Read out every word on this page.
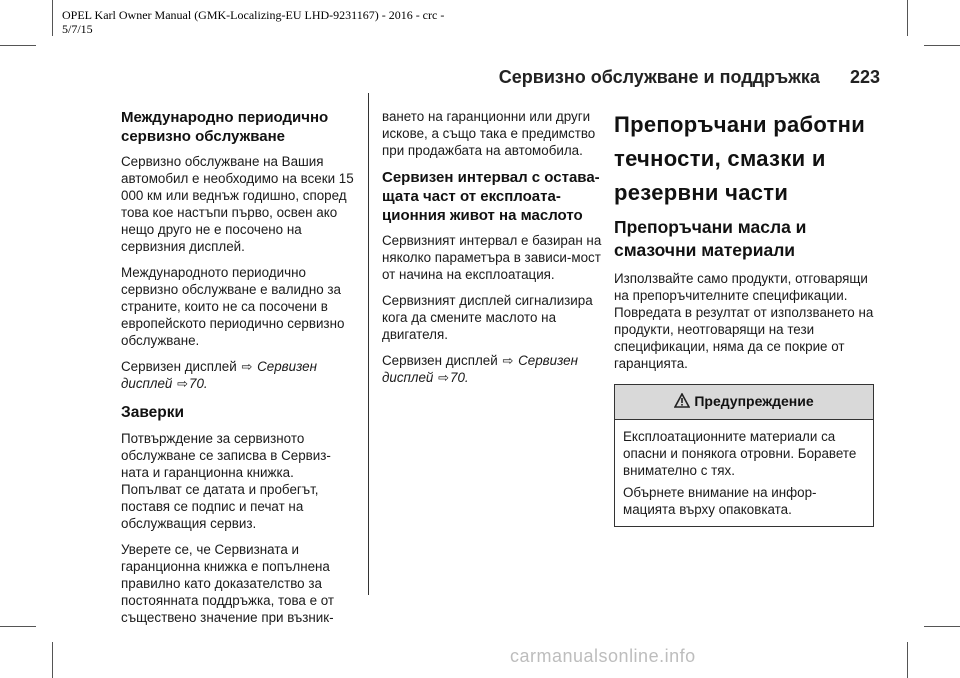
OPEL Karl Owner Manual (GMK-Localizing-EU LHD-9231167) - 2016 - crc -
5/7/15
Сервизно обслужване и поддръжка 223
Международно периодично сервизно обслужване
Сервизно обслужване на Вашия автомобил е необходимо на всеки 15 000 км или веднъж годишно, според това кое настъпи първо, освен ако нещо друго не е посочено на сервизния дисплей.
Международното периодично сервизно обслужване е валидно за страните, които не са посочени в европейското периодично сервизно обслужване.
Сервизен дисплей ⇨ Сервизен дисплей ⇨70.
Заверки
Потвърждение за сервизното обслужване се записва в Сервиз-ната и гаранционна книжка. Попълват се датата и пробегът, поставя се подпис и печат на обслужващия сервиз.
Уверете се, че Сервизната и гаранционна книжка е попълнена правилно като доказателство за постоянната поддръжка, това е от съществено значение при възник-
ването на гаранционни или други искове, а също така е предимство при продажбата на автомобила.
Сервизен интервал с остава-щата част от експлоата-ционния живот на маслото
Сервизният интервал е базиран на няколко параметъра в зависи-мост от начина на експлоатация.
Сервизният дисплей сигнализира кога да смените маслото на двигателя.
Сервизен дисплей ⇨ Сервизен дисплей ⇨70.
Препоръчани работни течности, смазки и резервни части
Препоръчани масла и смазочни материали
Използвайте само продукти, отговарящи на препоръчителните спецификации. Повредата в резултат от използването на продукти, неотговарящи на тези спецификации, няма да се покрие от гаранцията.
Предупреждение
Експлоатационните материали са опасни и понякога отровни. Боравете внимателно с тях.
Обърнете внимание на инфор-мацията върху опаковката.
carmanualsonline.info
